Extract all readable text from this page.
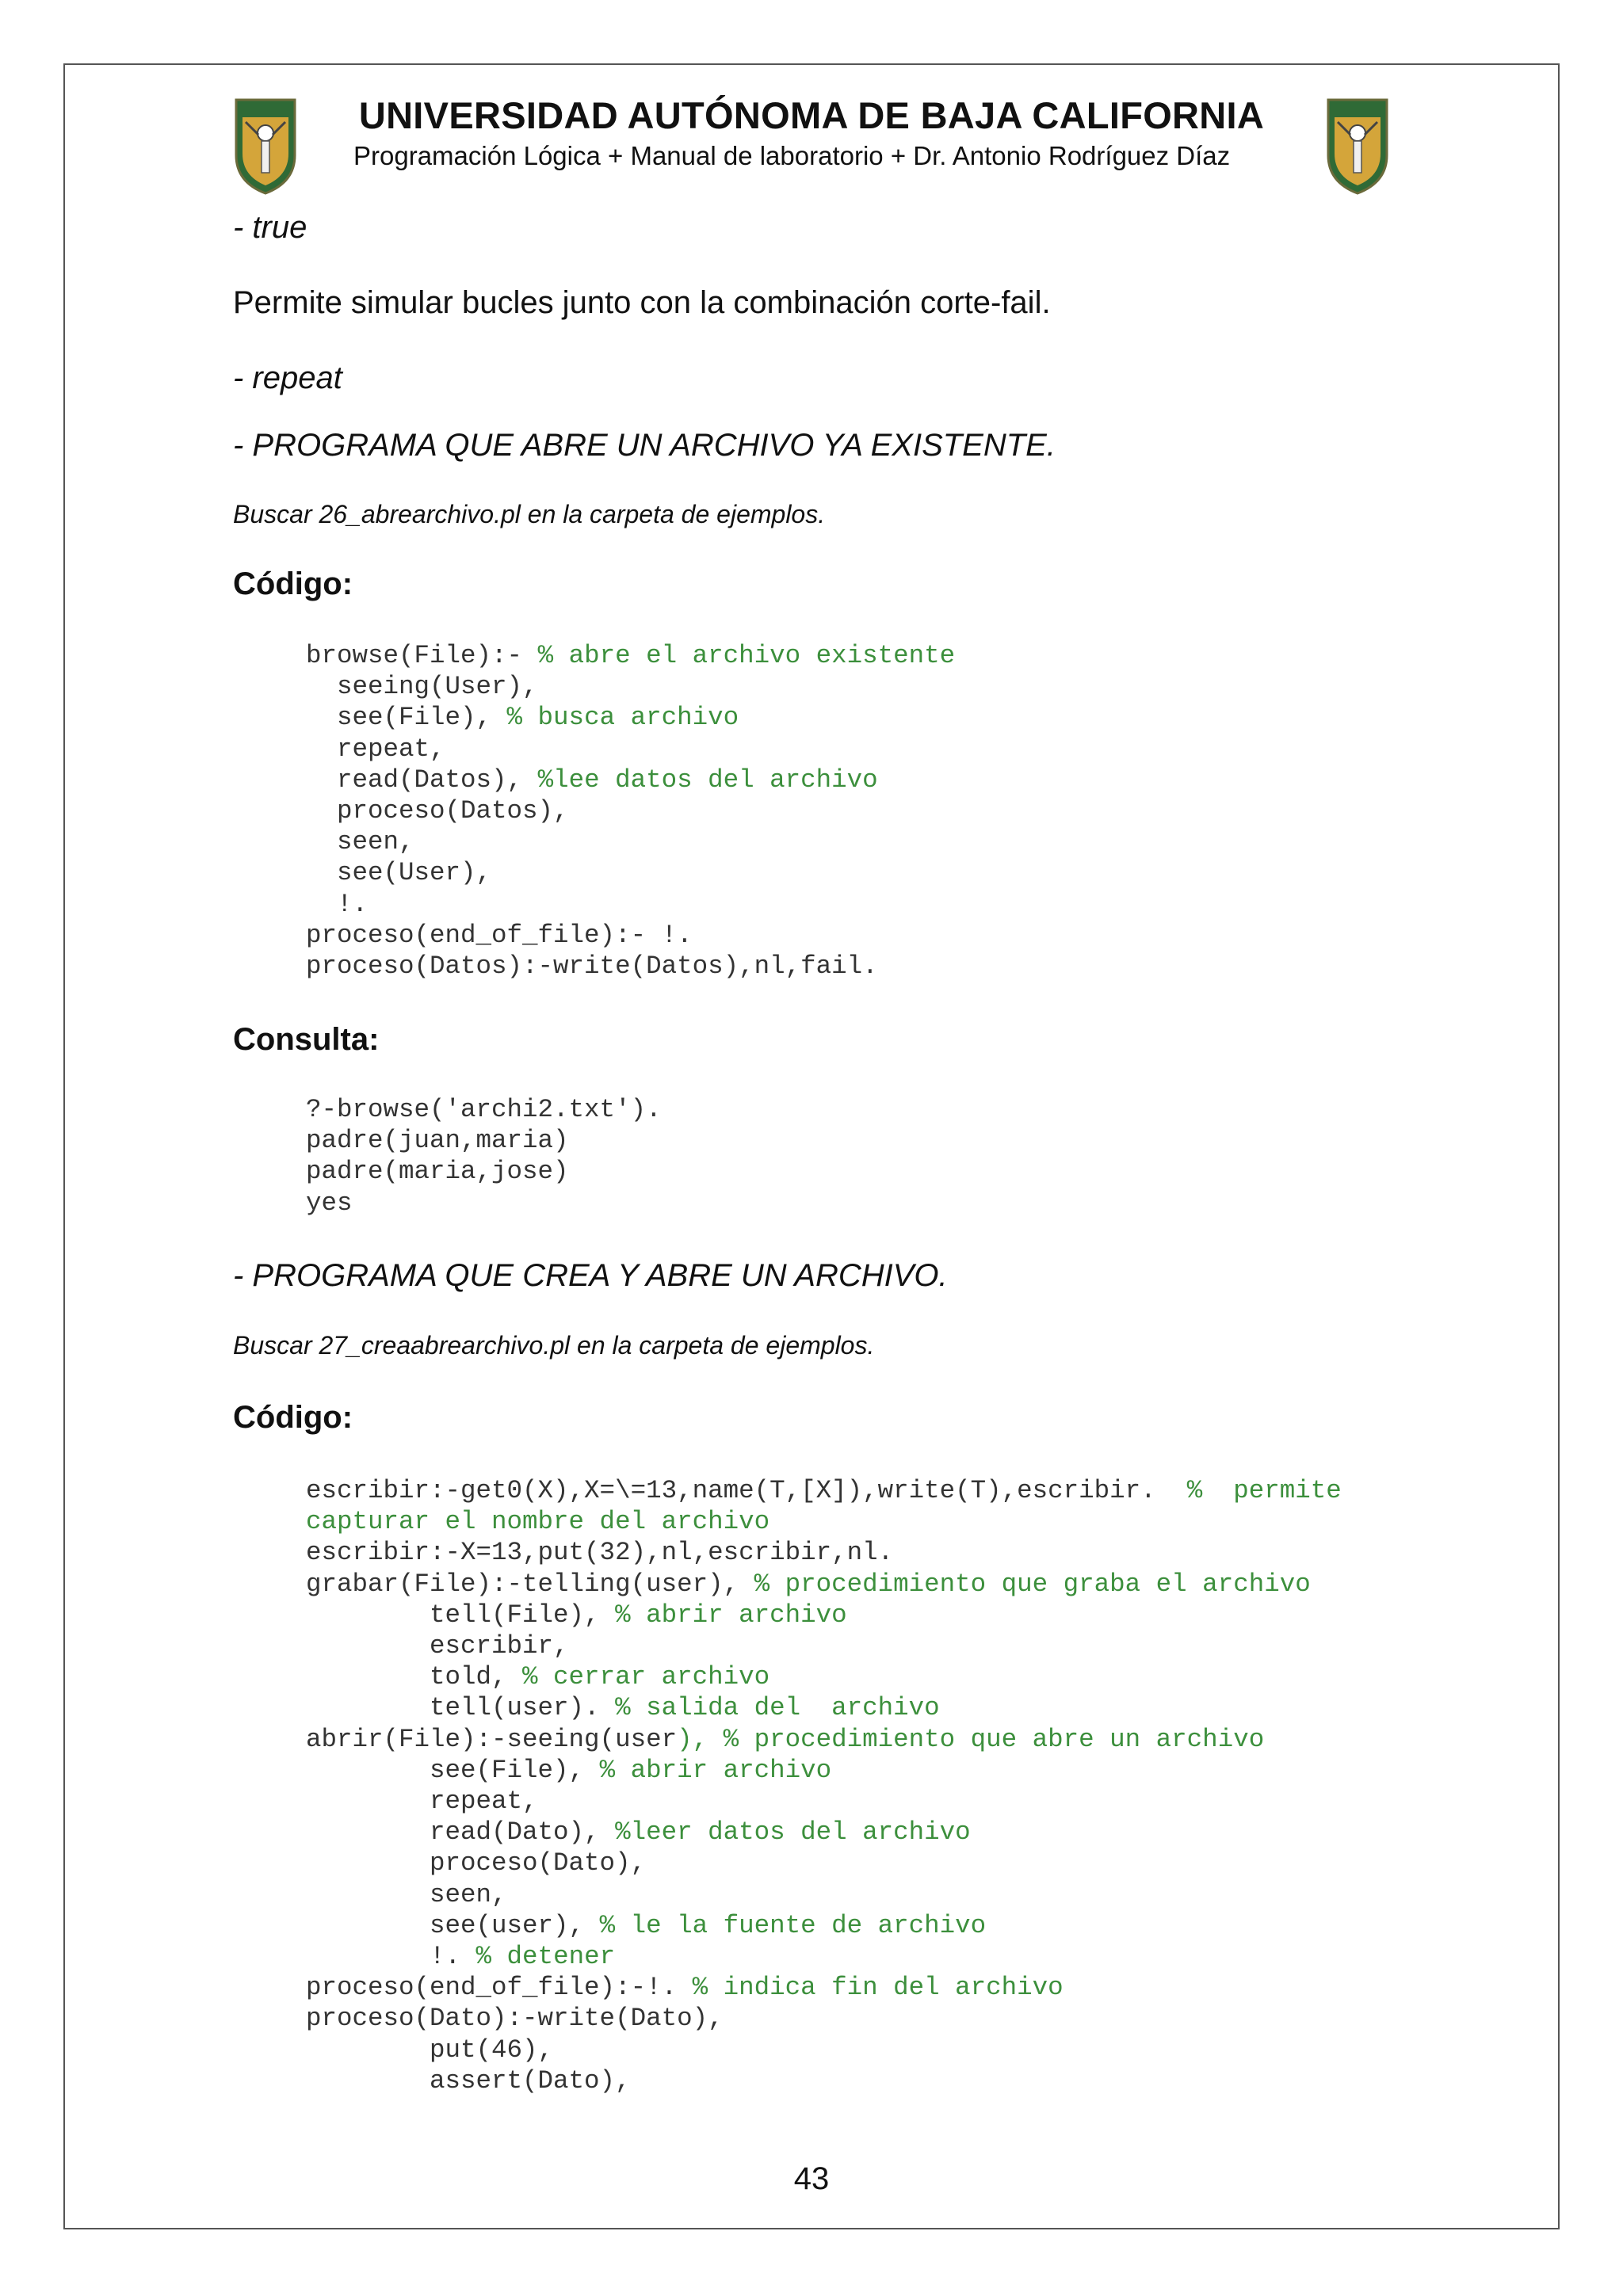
UNIVERSIDAD AUTÓNOMA DE BAJA CALIFORNIA
Programación Lógica + Manual de laboratorio + Dr. Antonio Rodríguez Díaz
- true
Permite simular bucles junto con la combinación corte-fail.
- repeat
- PROGRAMA QUE ABRE UN ARCHIVO YA EXISTENTE.
Buscar 26_abrearchivo.pl en la carpeta de ejemplos.
Código:
browse(File):- % abre el archivo existente
seeing(User),
see(File), % busca archivo
repeat,
read(Datos), %lee datos del archivo
proceso(Datos),
seen,
see(User),
!.
proceso(end_of_file):- !.
proceso(Datos):-write(Datos),nl,fail.
Consulta:
?-browse('archi2.txt').
padre(juan,maria)
padre(maria,jose)
yes
- PROGRAMA QUE CREA Y ABRE UN ARCHIVO.
Buscar 27_creaabrearchivo.pl en la carpeta de ejemplos.
Código:
escribir:-get0(X),X=\=13,name(T,[X]),write(T),escribir.  %  permite
capturar el nombre del archivo
escribir:-X=13,put(32),nl,escribir,nl.
grabar(File):-telling(user), % procedimiento que graba el archivo
tell(File), % abrir archivo
escribir,
told, % cerrar archivo
tell(user). % salida del  archivo
abrir(File):-seeing(user), % procedimiento que abre un archivo
see(File), % abrir archivo
repeat,
read(Dato), %leer datos del archivo
proceso(Dato),
seen,
see(user), % le la fuente de archivo
!. % detener
proceso(end_of_file):-!. % indica fin del archivo
proceso(Dato):-write(Dato),
put(46),
assert(Dato),
43
